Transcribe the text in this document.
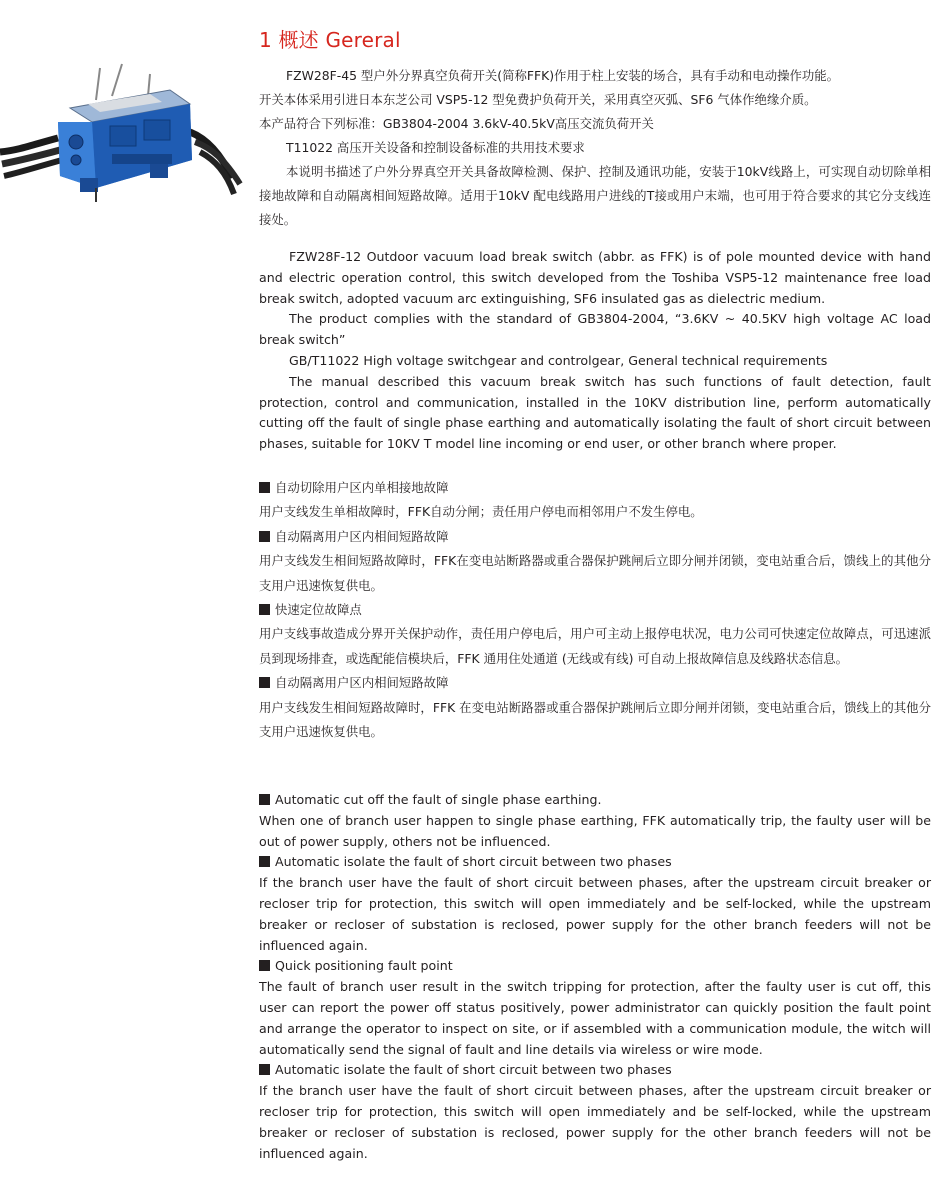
1 概述 Gereral

FZW28F-45 型户外分界真空负荷开关(简称FFK)作用于柱上安装的场合，具有手动和电动操作功能。

开关本体采用引进日本东芝公司 VSP5-12 型免费护负荷开关，采用真空灭弧、SF6 气体作绝缘介质。

本产品符合下列标准：GB3804-2004 3.6kV-40.5kV高压交流负荷开关

T11022 高压开关设备和控制设备标准的共用技术要求

本说明书描述了户外分界真空开关具备故障检测、保护、控制及通讯功能，安装于10kV线路上，可实现自动切除单相接地故障和自动隔离相间短路故障。适用于10kV 配电线路用户进线的T接或用户末端，也可用于符合要求的其它分支线连接处。

FZW28F-12 Outdoor vacuum load break switch (abbr. as FFK) is of pole mounted device with hand and electric operation control, this switch developed from the Toshiba VSP5-12 maintenance free load break switch, adopted vacuum arc extinguishing, SF6 insulated gas as dielectric medium.

The product complies with the standard of GB3804-2004, “3.6KV ~ 40.5KV high voltage AC load break switch”

GB/T11022 High voltage switchgear and controlgear, General technical requirements

The manual described this vacuum break switch has such functions of fault detection, fault protection, control and communication, installed in the 10KV distribution line, perform automatically cutting off the fault of single phase earthing and automatically isolating the fault of short circuit between phases, suitable for 10KV T model line incoming or end user, or other branch where proper.

自动切除用户区内单相接地故障

用户支线发生单相故障时，FFK自动分闸；责任用户停电而相邻用户不发生停电。

自动隔离用户区内相间短路故障

用户支线发生相间短路故障时，FFK在变电站断路器或重合器保护跳闸后立即分闸并闭锁，变电站重合后，馈线上的其他分支用户迅速恢复供电。

快速定位故障点

用户支线事故造成分界开关保护动作，责任用户停电后，用户可主动上报停电状况，电力公司可快速定位故障点，可迅速派员到现场排查，或选配能信模块后，FFK 通用住处通道 (无线或有线) 可自动上报故障信息及线路状态信息。

自动隔离用户区内相间短路故障

用户支线发生相间短路故障时，FFK 在变电站断路器或重合器保护跳闸后立即分闸并闭锁，变电站重合后，馈线上的其他分支用户迅速恢复供电。

Automatic cut off the fault of single phase earthing.

When one of branch user happen to single phase earthing, FFK automatically trip, the faulty user will be out of power supply, others not be influenced.

Automatic isolate the fault of short circuit between two phases

If the branch user have the fault of short circuit between phases, after the upstream circuit breaker or recloser trip for protection, this switch will open immediately and be self-locked, while the upstream breaker or recloser of substation is reclosed, power supply for the other branch feeders will not be influenced again.

Quick positioning fault point

The fault of branch user result in the switch tripping for protection, after the faulty user is cut off, this user can report the power off status positively, power administrator can quickly position the fault point and arrange the operator to inspect on site, or if assembled with a communication module, the witch will automatically send the signal of fault and line details via wireless or wire mode.

Automatic isolate the fault of short circuit between two phases

If the branch user have the fault of short circuit between phases, after the upstream circuit breaker or recloser trip for protection, this switch will open immediately and be self-locked, while the upstream breaker or recloser of substation is reclosed, power supply for the other branch feeders will not be influenced again.
